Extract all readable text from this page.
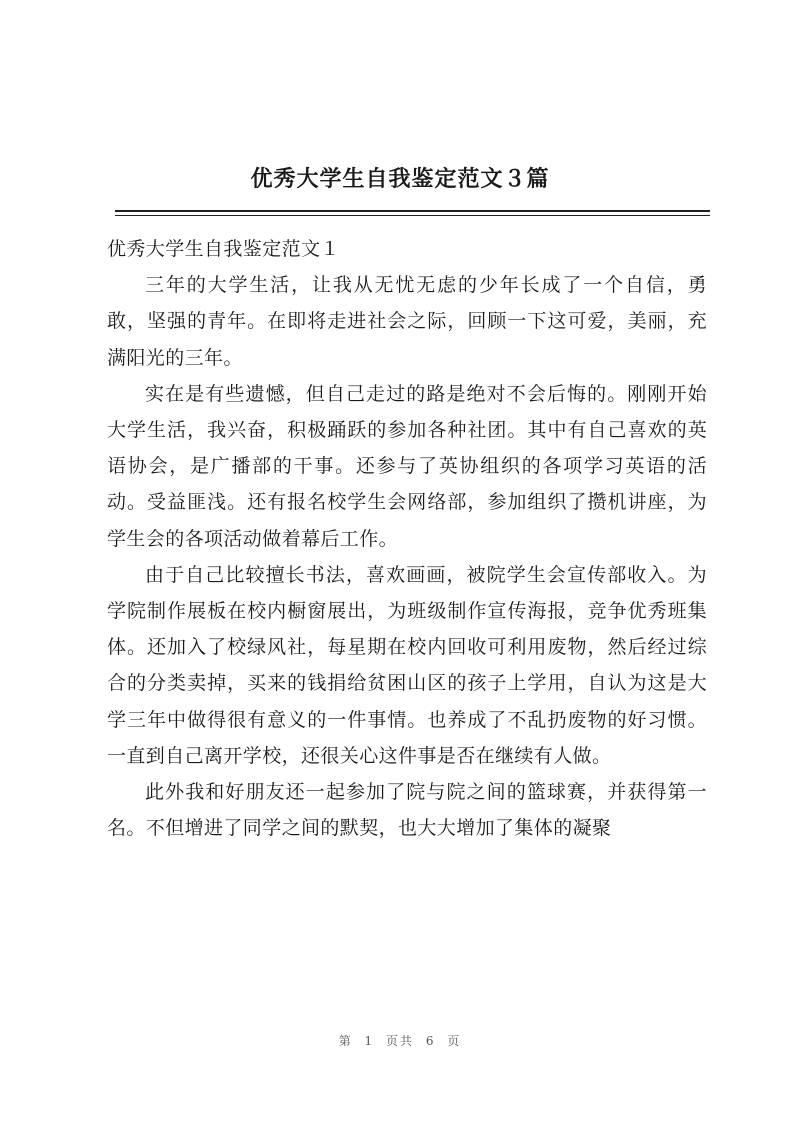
优秀大学生自我鉴定范文３篇

优秀大学生自我鉴定范文１

三年的大学生活，让我从无忧无虑的少年长成了一个自信，勇敢，坚强的青年。在即将走进社会之际，回顾一下这可爱，美丽，充满阳光的三年。

实在是有些遗憾，但自己走过的路是绝对不会后悔的。刚刚开始大学生活，我兴奋，积极踊跃的参加各种社团。其中有自己喜欢的英语协会，是广播部的干事。还参与了英协组织的各项学习英语的活动。受益匪浅。还有报名校学生会网络部，参加组织了攒机讲座，为学生会的各项活动做着幕后工作。

由于自己比较擅长书法，喜欢画画，被院学生会宣传部收入。为学院制作展板在校内橱窗展出，为班级制作宣传海报，竞争优秀班集体。还加入了校绿风社，每星期在校内回收可利用废物，然后经过综合的分类卖掉，买来的钱捐给贫困山区的孩子上学用，自认为这是大学三年中做得很有意义的一件事情。也养成了不乱扔废物的好习惯。一直到自己离开学校，还很关心这件事是否在继续有人做。

此外我和好朋友还一起参加了院与院之间的篮球赛，并获得第一名。不但增进了同学之间的默契，也大大增加了集体的凝聚

第 1 页共 6 页
